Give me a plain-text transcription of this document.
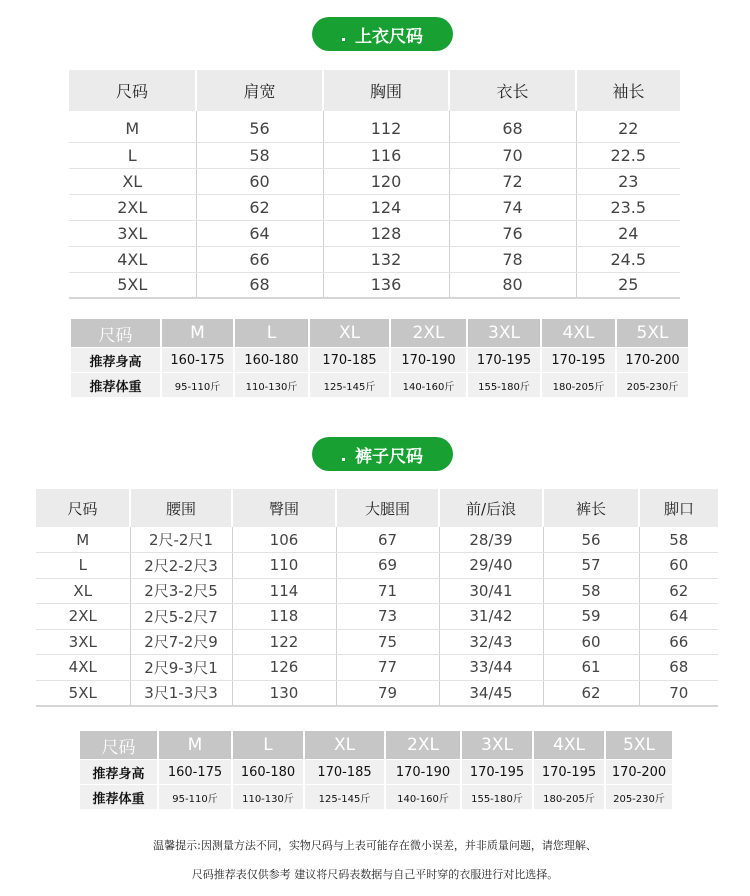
上衣尺码
尺码	肩宽	胸围	衣长	袖长
M	56	112	68	22
L	58	116	70	22.5
XL	60	120	72	23
2XL	62	124	74	23.5
3XL	64	128	76	24
4XL	66	132	78	24.5
5XL	68	136	80	25
尺码	M	L	XL	2XL	3XL	4XL	5XL
推荐身高	160-175	160-180	170-185	170-190	170-195	170-195	170-200
推荐体重	95-110斤	110-130斤	125-145斤	140-160斤	155-180斤	180-205斤	205-230斤
裤子尺码
尺码	腰围	臀围	大腿围	前/后浪	裤长	脚口
M	2尺-2尺1	106	67	28/39	56	58
L	2尺2-2尺3	110	69	29/40	57	60
XL	2尺3-2尺5	114	71	30/41	58	62
2XL	2尺5-2尺7	118	73	31/42	59	64
3XL	2尺7-2尺9	122	75	32/43	60	66
4XL	2尺9-3尺1	126	77	33/44	61	68
5XL	3尺1-3尺3	130	79	34/45	62	70
尺码	M	L	XL	2XL	3XL	4XL	5XL
推荐身高	160-175	160-180	170-185	170-190	170-195	170-195	170-200
推荐体重	95-110斤	110-130斤	125-145斤	140-160斤	155-180斤	180-205斤	205-230斤
温馨提示:因测量方法不同，实物尺码与上表可能存在微小误差，并非质量问题，请您理解、
尺码推荐表仅供参考 建议将尺码表数据与自己平时穿的衣服进行对比选择。
